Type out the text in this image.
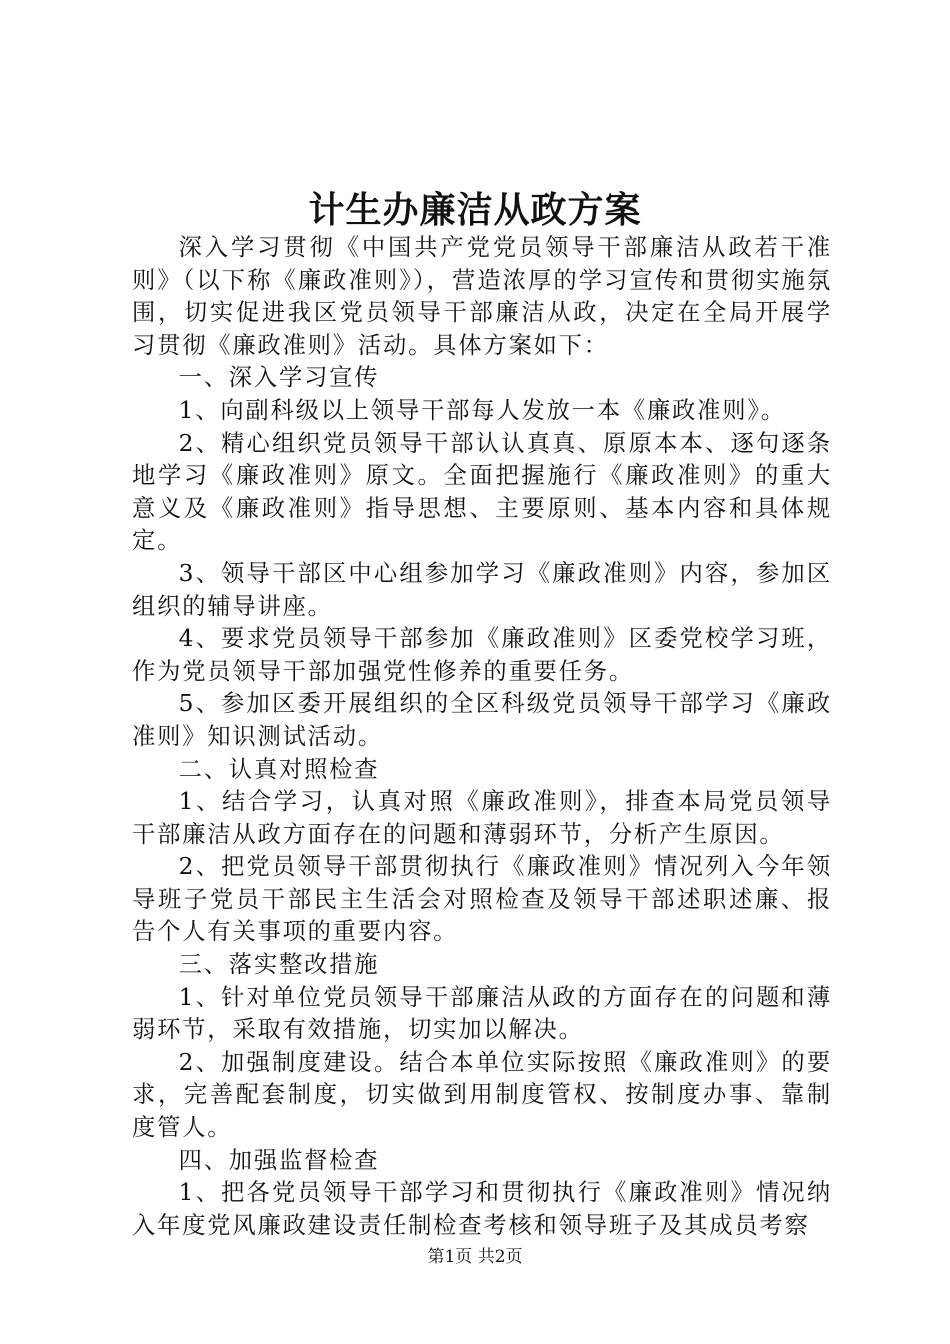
计生办廉洁从政方案

深入学习贯彻《中国共产党党员领导干部廉洁从政若干准则》（以下称《廉政准则》），营造浓厚的学习宣传和贯彻实施氛围，切实促进我区党员领导干部廉洁从政，决定在全局开展学习贯彻《廉政准则》活动。具体方案如下：

一、深入学习宣传

1、向副科级以上领导干部每人发放一本《廉政准则》。

2、精心组织党员领导干部认认真真、原原本本、逐句逐条地学习《廉政准则》原文。全面把握施行《廉政准则》的重大意义及《廉政准则》指导思想、主要原则、基本内容和具体规定。

3、领导干部区中心组参加学习《廉政准则》内容，参加区组织的辅导讲座。

4、要求党员领导干部参加《廉政准则》区委党校学习班，作为党员领导干部加强党性修养的重要任务。

5、参加区委开展组织的全区科级党员领导干部学习《廉政准则》知识测试活动。

二、认真对照检查

1、结合学习，认真对照《廉政准则》，排查本局党员领导干部廉洁从政方面存在的问题和薄弱环节，分析产生原因。

2、把党员领导干部贯彻执行《廉政准则》情况列入今年领导班子党员干部民主生活会对照检查及领导干部述职述廉、报告个人有关事项的重要内容。

三、落实整改措施

1、针对单位党员领导干部廉洁从政的方面存在的问题和薄弱环节，采取有效措施，切实加以解决。

2、加强制度建设。结合本单位实际按照《廉政准则》的要求，完善配套制度，切实做到用制度管权、按制度办事、靠制度管人。

四、加强监督检查

1、把各党员领导干部学习和贯彻执行《廉政准则》情况纳入年度党风廉政建设责任制检查考核和领导班子及其成员考察

第1页 共2页
